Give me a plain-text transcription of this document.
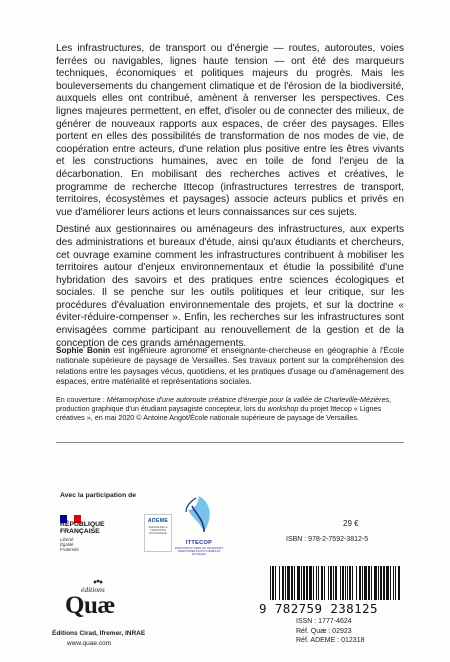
Les infrastructures, de transport ou d'énergie — routes, autoroutes, voies ferrées ou navigables, lignes haute tension — ont été des marqueurs techniques, économiques et politiques majeurs du progrès. Mais les bouleversements du changement climatique et de l'érosion de la biodiversité, auxquels elles ont contribué, amènent à renverser les perspectives. Ces lignes majeures permettent, en effet, d'isoler ou de connecter des milieux, de générer de nouveaux rapports aux espaces, de créer des paysages. Elles portent en elles des possibilités de transformation de nos modes de vie, de coopération entre acteurs, d'une relation plus positive entre les êtres vivants et les constructions humaines, avec en toile de fond l'enjeu de la décarbonation. En mobilisant des recherches actives et créatives, le programme de recherche Ittecop (infrastructures terrestres de transport, territoires, écosystèmes et paysages) associe acteurs publics et privés en vue d'améliorer leurs actions et leurs connaissances sur ces sujets.

Destiné aux gestionnaires ou aménageurs des infrastructures, aux experts des administrations et bureaux d'étude, ainsi qu'aux étudiants et chercheurs, cet ouvrage examine comment les infrastructures contribuent à mobiliser les territoires autour d'enjeux environnementaux et étudie la possibilité d'une hybridation des savoirs et des pratiques entre sciences écologiques et sociales. Il se penche sur les outils politiques et leur critique, sur les procédures d'évaluation environnementale des projets, et sur la doctrine « éviter-réduire-compenser ». Enfin, les recherches sur les infrastructures sont envisagées comme participant au renouvellement de la gestion et de la conception de ces grands aménagements.

Sophie Bonin est ingénieure agronome et enseignante-chercheuse en géographie à l'École nationale supérieure de paysage de Versailles. Ses travaux portent sur la compréhension des relations entre les paysages vécus, quotidiens, et les pratiques d'usage ou d'aménagement des espaces, entre matérialité et représentations sociales.

En couverture : Métamorphose d'une autoroute créatrice d'énergie pour la vallée de Charleville-Mézières, production graphique d'un étudiant paysagiste concepteur, lors du workshop du projet Ittecop « Lignes créatives », en mai 2020 © Antoine Angot/École nationale supérieure de paysage de Versailles.

Avec la participation de
RÉPUBLIQUE FRANÇAISE
Liberté
Égalité
Fraternité
ADEME
AGENCE DE LA TRANSITION ÉCOLOGIQUE
ITTECOP
INFRASTRUCTURES DE TRANSPORT TERRITOIRES ÉCOSYSTÈMES ET PAYSAGES
29 €
ISBN : 978-2-7592-3812-5
9 782759 238125
ISSN : 1777-4624
Réf. Quæ : 02923
Réf. ADEME : 012318
éditions
Quæ
Éditions Cirad, Ifremer, INRAE
www.quae.com
